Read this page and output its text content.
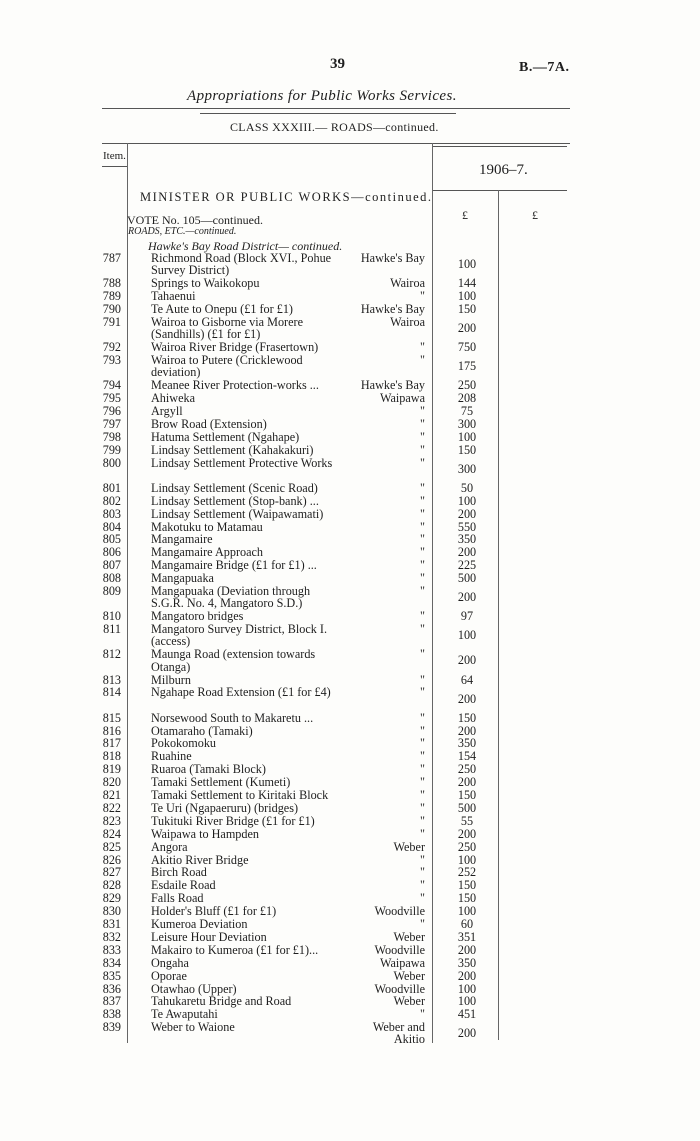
39	B.—7A.
Appropriations for Public Works Services.
CLASS XXXIII.— ROADS—continued.
Item.
1906–7.
MINISTER OR PUBLIC WORKS—continued.
£	£
VOTE No. 105—continued.
ROADS, ETC.—continued.
Hawke's Bay Road District— continued.
787 Richmond Road (Block XVI., Pohue Survey District)
Hawke's Bay	100
788 Springs to Waikokopu	Wairoa	144
789 Tahaenui	"	100
790 Te Aute to Onepu (£1 for £1)	Hawke's Bay	150
791 Wairoa to Gisborne via Morere (Sandhills) (£1 for £1)
Wairoa	200
792 Wairoa River Bridge (Frasertown)	"	750
793 Wairoa to Putere (Cricklewood deviation)
"	175
794 Meanee River Protection-works ...	Hawke's Bay	250
795 Ahiweka	Waipawa	208
796 Argyll	"	75
797 Brow Road (Extension)	"	300
798 Hatuma Settlement (Ngahape)	"	100
799 Lindsay Settlement (Kahakakuri)	"	150
800 Lindsay Settlement Protective Works	"	300
801 Lindsay Settlement (Scenic Road)	"	50
802 Lindsay Settlement (Stop-bank) ...	"	100
803 Lindsay Settlement (Waipawamati)	"	200
804 Makotuku to Matamau	"	550
805 Mangamaire	"	350
806 Mangamaire Approach	"	200
807 Mangamaire Bridge (£1 for £1) ...	"	225
808 Mangapuaka	"	500
809 Mangapuaka (Deviation through S.G.R. No. 4, Mangatoro S.D.)
"	200
810 Mangatoro bridges	"	97
811 Mangatoro Survey District, Block I. (access)
"	100
812 Maunga Road (extension towards Otanga)
"	200
813 Milburn	"	64
814 Ngahape Road Extension (£1 for £4)	"	200
815 Norsewood South to Makaretu ...	"	150
816 Otamaraho (Tamaki)	"	200
817 Pokokomoku	"	350
818 Ruahine	"	154
819 Ruaroa (Tamaki Block)	"	250
820 Tamaki Settlement (Kumeti)	"	200
821 Tamaki Settlement to Kiritaki Block	"	150
822 Te Uri (Ngapaeruru) (bridges)	"	500
823 Tukituki River Bridge (£1 for £1)	"	55
824 Waipawa to Hampden	"	200
825 Angora	Weber	250
826 Akitio River Bridge	"	100
827 Birch Road	"	252
828 Esdaile Road	"	150
829 Falls Road	"	150
830 Holder's Bluff (£1 for £1)	Woodville	100
831 Kumeroa Deviation	"	60
832 Leisure Hour Deviation	Weber	351
833 Makairo to Kumeroa (£1 for £1)...	Woodville	200
834 Ongaha	Waipawa	350
835 Oporae	Weber	200
836 Otawhao (Upper)	Woodville	100
837 Tahukaretu Bridge and Road	Weber	100
838 Te Awaputahi	"	451
839 Weber to Waione	Weber and Akitio	200
